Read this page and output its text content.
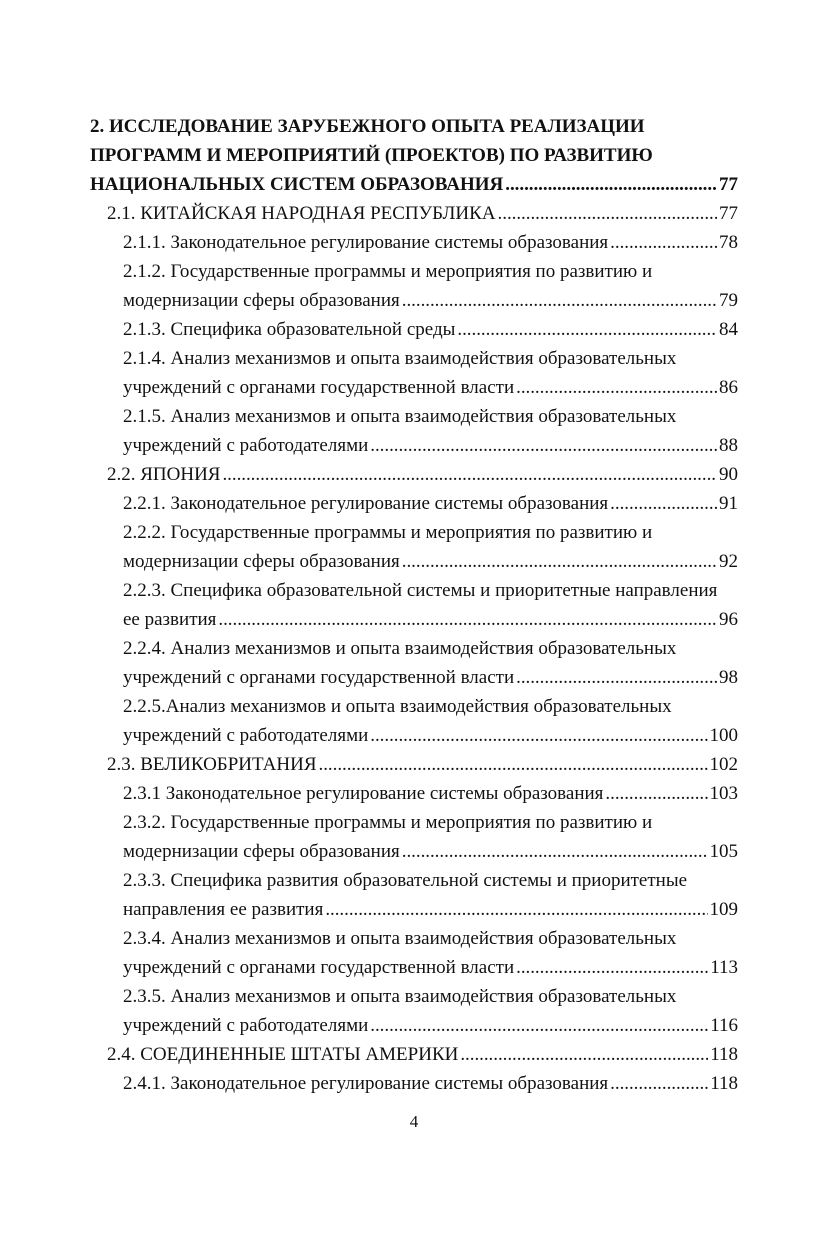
2. ИССЛЕДОВАНИЕ ЗАРУБЕЖНОГО ОПЫТА РЕАЛИЗАЦИИ
ПРОГРАММ И МЕРОПРИЯТИЙ (ПРОЕКТОВ) ПО РАЗВИТИЮ
НАЦИОНАЛЬНЫХ СИСТЕМ ОБРАЗОВАНИЯ . . .	77
2.1. КИТАЙСКАЯ НАРОДНАЯ РЕСПУБЛИКА . . .	77
2.1.1. Законодательное регулирование системы образования . . .	78
2.1.2. Государственные программы и мероприятия по развитию и
модернизации сферы образования . . .	79
2.1.3. Специфика образовательной среды . . .	84
2.1.4. Анализ механизмов и опыта взаимодействия образовательных
учреждений с органами государственной власти . . .	86
2.1.5. Анализ механизмов и опыта взаимодействия образовательных
учреждений с работодателями . . .	88
2.2. ЯПОНИЯ . . .	90
2.2.1. Законодательное регулирование системы образования . . .	91
2.2.2. Государственные программы и мероприятия по развитию и
модернизации сферы образования . . .	92
2.2.3. Специфика образовательной системы и приоритетные направления
ее развития . . .	96
2.2.4. Анализ механизмов и опыта взаимодействия образовательных
учреждений с органами государственной власти . . .	98
2.2.5.Анализ механизмов и опыта взаимодействия образовательных
учреждений с работодателями . . .	100
2.3. ВЕЛИКОБРИТАНИЯ . . .	102
2.3.1 Законодательное регулирование системы образования . . .	103
2.3.2. Государственные программы и мероприятия по развитию и
модернизации сферы образования . . .	105
2.3.3. Специфика развития образовательной системы и приоритетные
направления ее развития . . .	109
2.3.4. Анализ механизмов и опыта взаимодействия образовательных
учреждений с органами государственной власти . . .	113
2.3.5. Анализ механизмов и опыта взаимодействия образовательных
учреждений с работодателями . . .	116
2.4. СОЕДИНЕННЫЕ ШТАТЫ АМЕРИКИ . . .	118
2.4.1. Законодательное регулирование системы образования . . .	118
4
